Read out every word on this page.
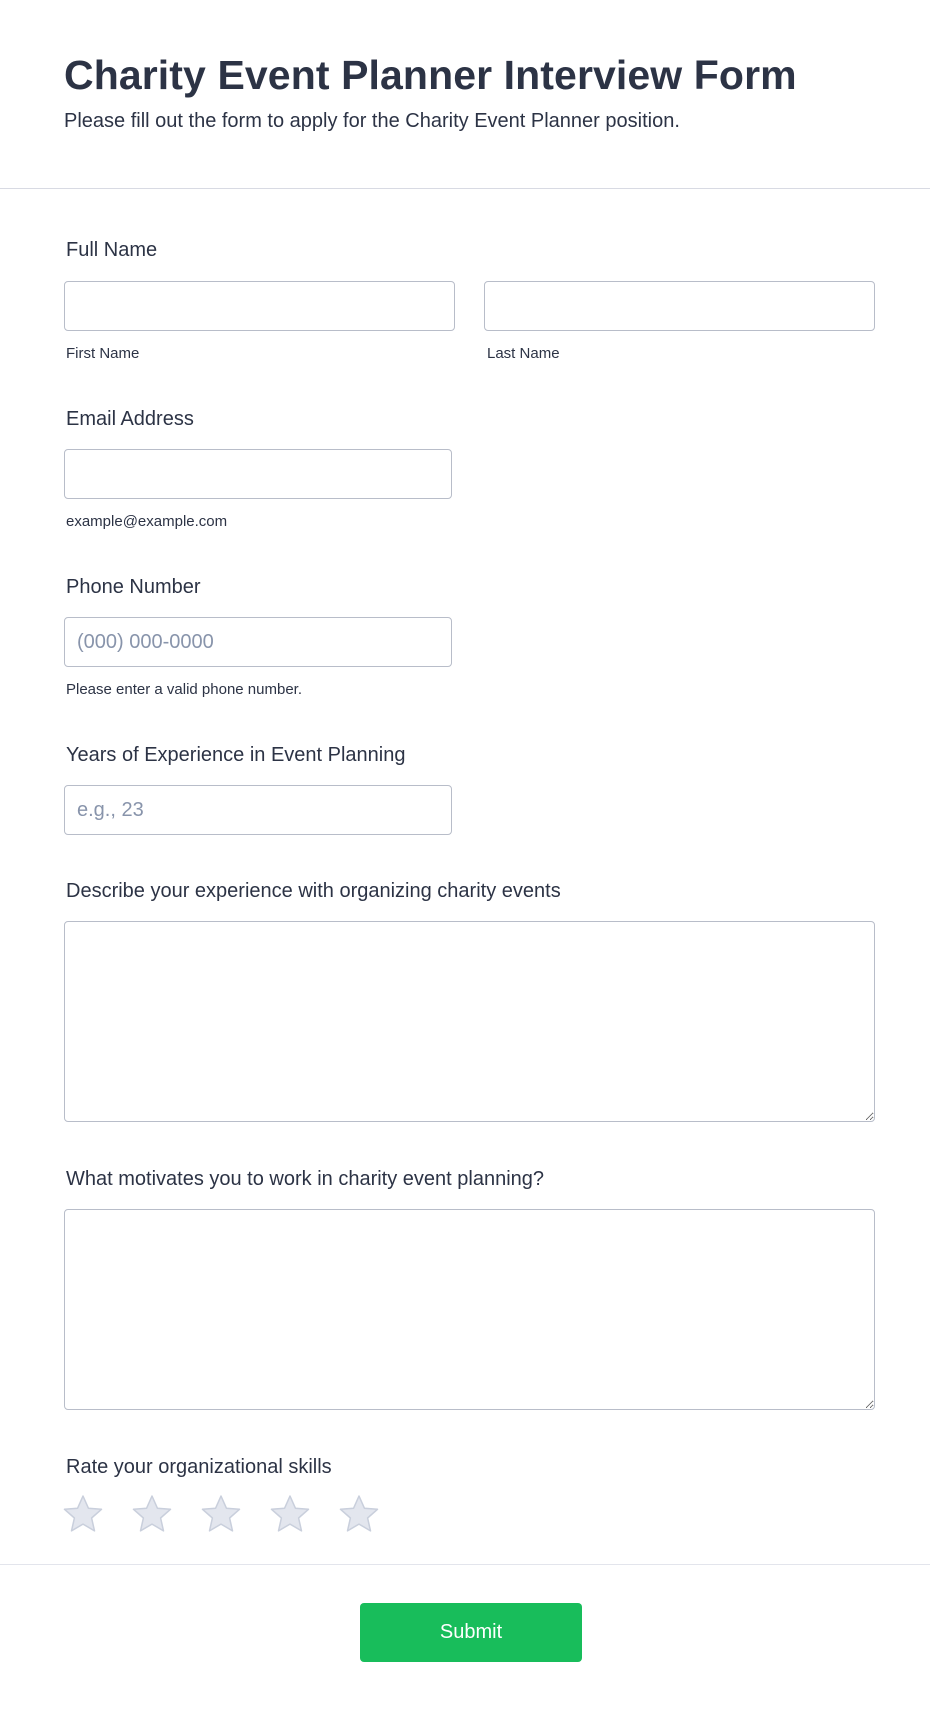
Charity Event Planner Interview Form

Please fill out the form to apply for the Charity Event Planner position.

Full Name
First Name	Last Name
Email Address
example@example.com
Phone Number
(000) 000-0000
Please enter a valid phone number.
Years of Experience in Event Planning
e.g., 23
Describe your experience with organizing charity events
What motivates you to work in charity event planning?
Rate your organizational skills
Submit
